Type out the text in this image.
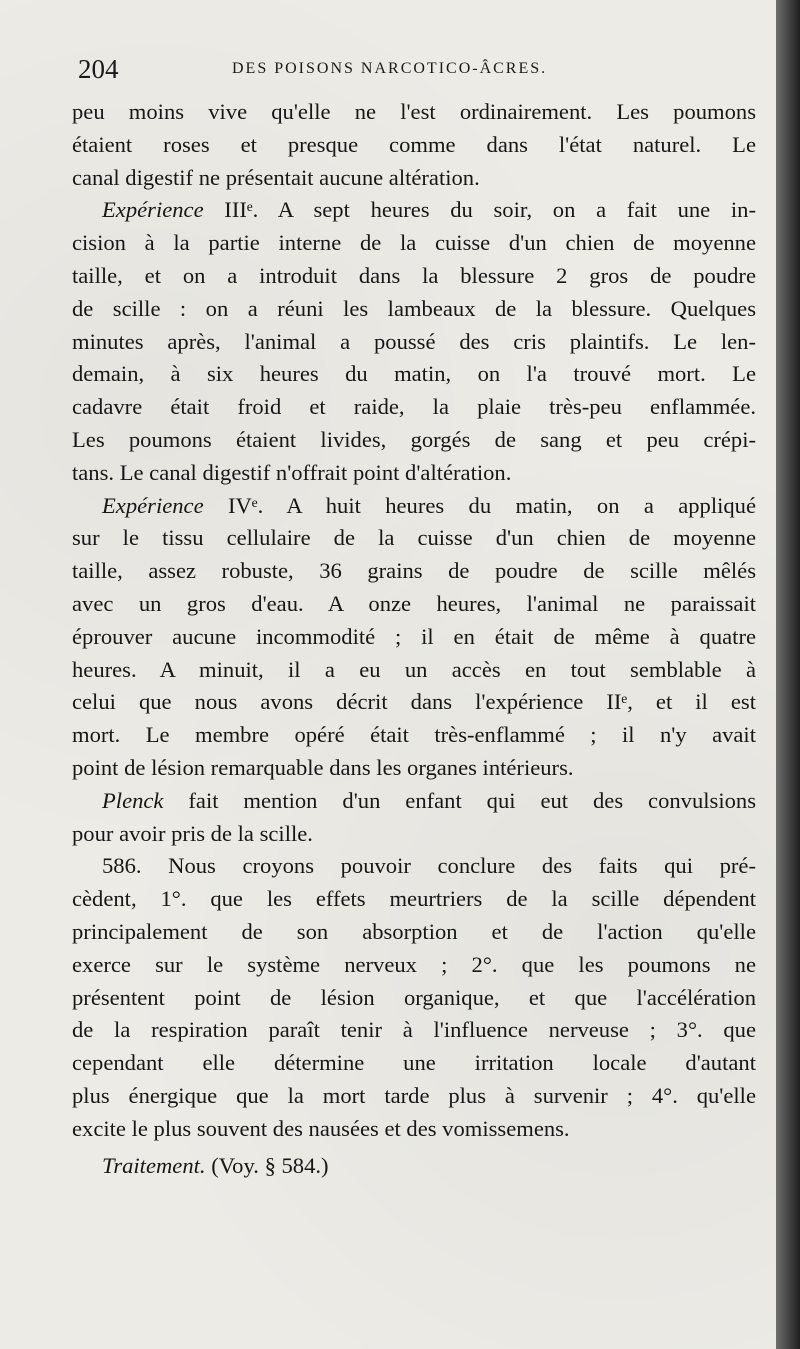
204	DES POISONS NARCOTICO-ÂCRES.
peu moins vive qu'elle ne l'est ordinairement. Les poumons
étaient roses et presque comme dans l'état naturel. Le
canal digestif ne présentait aucune altération.
Expérience IIIᵉ. A sept heures du soir, on a fait une in-
cision à la partie interne de la cuisse d'un chien de moyenne
taille, et on a introduit dans la blessure 2 gros de poudre
de scille : on a réuni les lambeaux de la blessure. Quelques
minutes après, l'animal a poussé des cris plaintifs. Le len-
demain, à six heures du matin, on l'a trouvé mort. Le
cadavre était froid et raide, la plaie très-peu enflammée.
Les poumons étaient livides, gorgés de sang et peu crépi-
tans. Le canal digestif n'offrait point d'altération.
Expérience IVᵉ. A huit heures du matin, on a appliqué
sur le tissu cellulaire de la cuisse d'un chien de moyenne
taille, assez robuste, 36 grains de poudre de scille mêlés
avec un gros d'eau. A onze heures, l'animal ne paraissait
éprouver aucune incommodité ; il en était de même à quatre
heures. A minuit, il a eu un accès en tout semblable à
celui que nous avons décrit dans l'expérience IIᵉ, et il est
mort. Le membre opéré était très-enflammé ; il n'y avait
point de lésion remarquable dans les organes intérieurs.
Plenck fait mention d'un enfant qui eut des convulsions
pour avoir pris de la scille.
586. Nous croyons pouvoir conclure des faits qui pré-
cèdent, 1°. que les effets meurtriers de la scille dépendent
principalement de son absorption et de l'action qu'elle
exerce sur le système nerveux ; 2°. que les poumons ne
présentent point de lésion organique, et que l'accélération
de la respiration paraît tenir à l'influence nerveuse ; 3°. que
cependant elle détermine une irritation locale d'autant
plus énergique que la mort tarde plus à survenir ; 4°. qu'elle
excite le plus souvent des nausées et des vomissemens.
Traitement. (Voy. § 584.)
